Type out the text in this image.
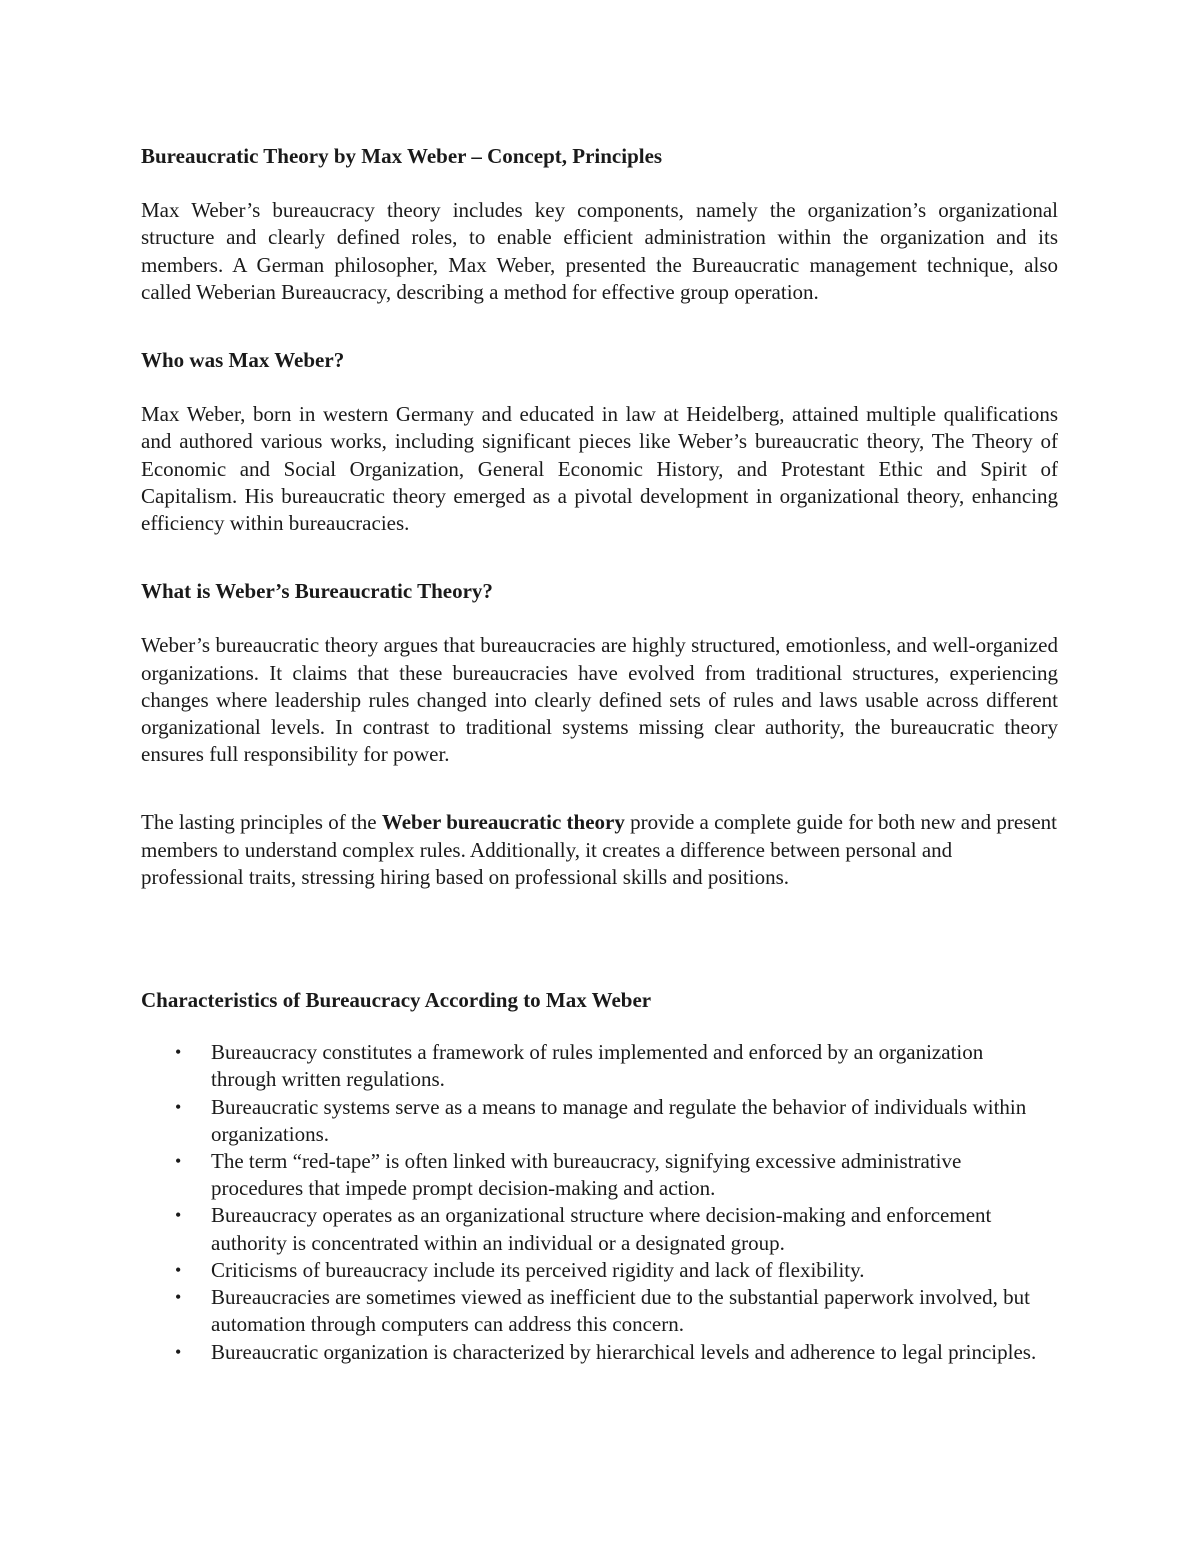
Bureaucratic Theory by Max Weber – Concept, Principles

Max Weber’s bureaucracy theory includes key components, namely the organization’s organizational structure and clearly defined roles, to enable efficient administration within the organization and its members. A German philosopher, Max Weber, presented the Bureaucratic management technique, also called Weberian Bureaucracy, describing a method for effective group operation.

Who was Max Weber?

Max Weber, born in western Germany and educated in law at Heidelberg, attained multiple qualifications and authored various works, including significant pieces like Weber’s bureaucratic theory, The Theory of Economic and Social Organization, General Economic History, and Protestant Ethic and Spirit of Capitalism. His bureaucratic theory emerged as a pivotal development in organizational theory, enhancing efficiency within bureaucracies.

What is Weber’s Bureaucratic Theory?

Weber’s bureaucratic theory argues that bureaucracies are highly structured, emotionless, and well-organized organizations. It claims that these bureaucracies have evolved from traditional structures, experiencing changes where leadership rules changed into clearly defined sets of rules and laws usable across different organizational levels. In contrast to traditional systems missing clear authority, the bureaucratic theory ensures full responsibility for power.

The lasting principles of the Weber bureaucratic theory provide a complete guide for both new and present members to understand complex rules. Additionally, it creates a difference between personal and professional traits, stressing hiring based on professional skills and positions.

Characteristics of Bureaucracy According to Max Weber
• Bureaucracy constitutes a framework of rules implemented and enforced by an organization through written regulations.
• Bureaucratic systems serve as a means to manage and regulate the behavior of individuals within organizations.
• The term “red-tape” is often linked with bureaucracy, signifying excessive administrative procedures that impede prompt decision-making and action.
• Bureaucracy operates as an organizational structure where decision-making and enforcement authority is concentrated within an individual or a designated group.
• Criticisms of bureaucracy include its perceived rigidity and lack of flexibility.
• Bureaucracies are sometimes viewed as inefficient due to the substantial paperwork involved, but automation through computers can address this concern.
• Bureaucratic organization is characterized by hierarchical levels and adherence to legal principles.
